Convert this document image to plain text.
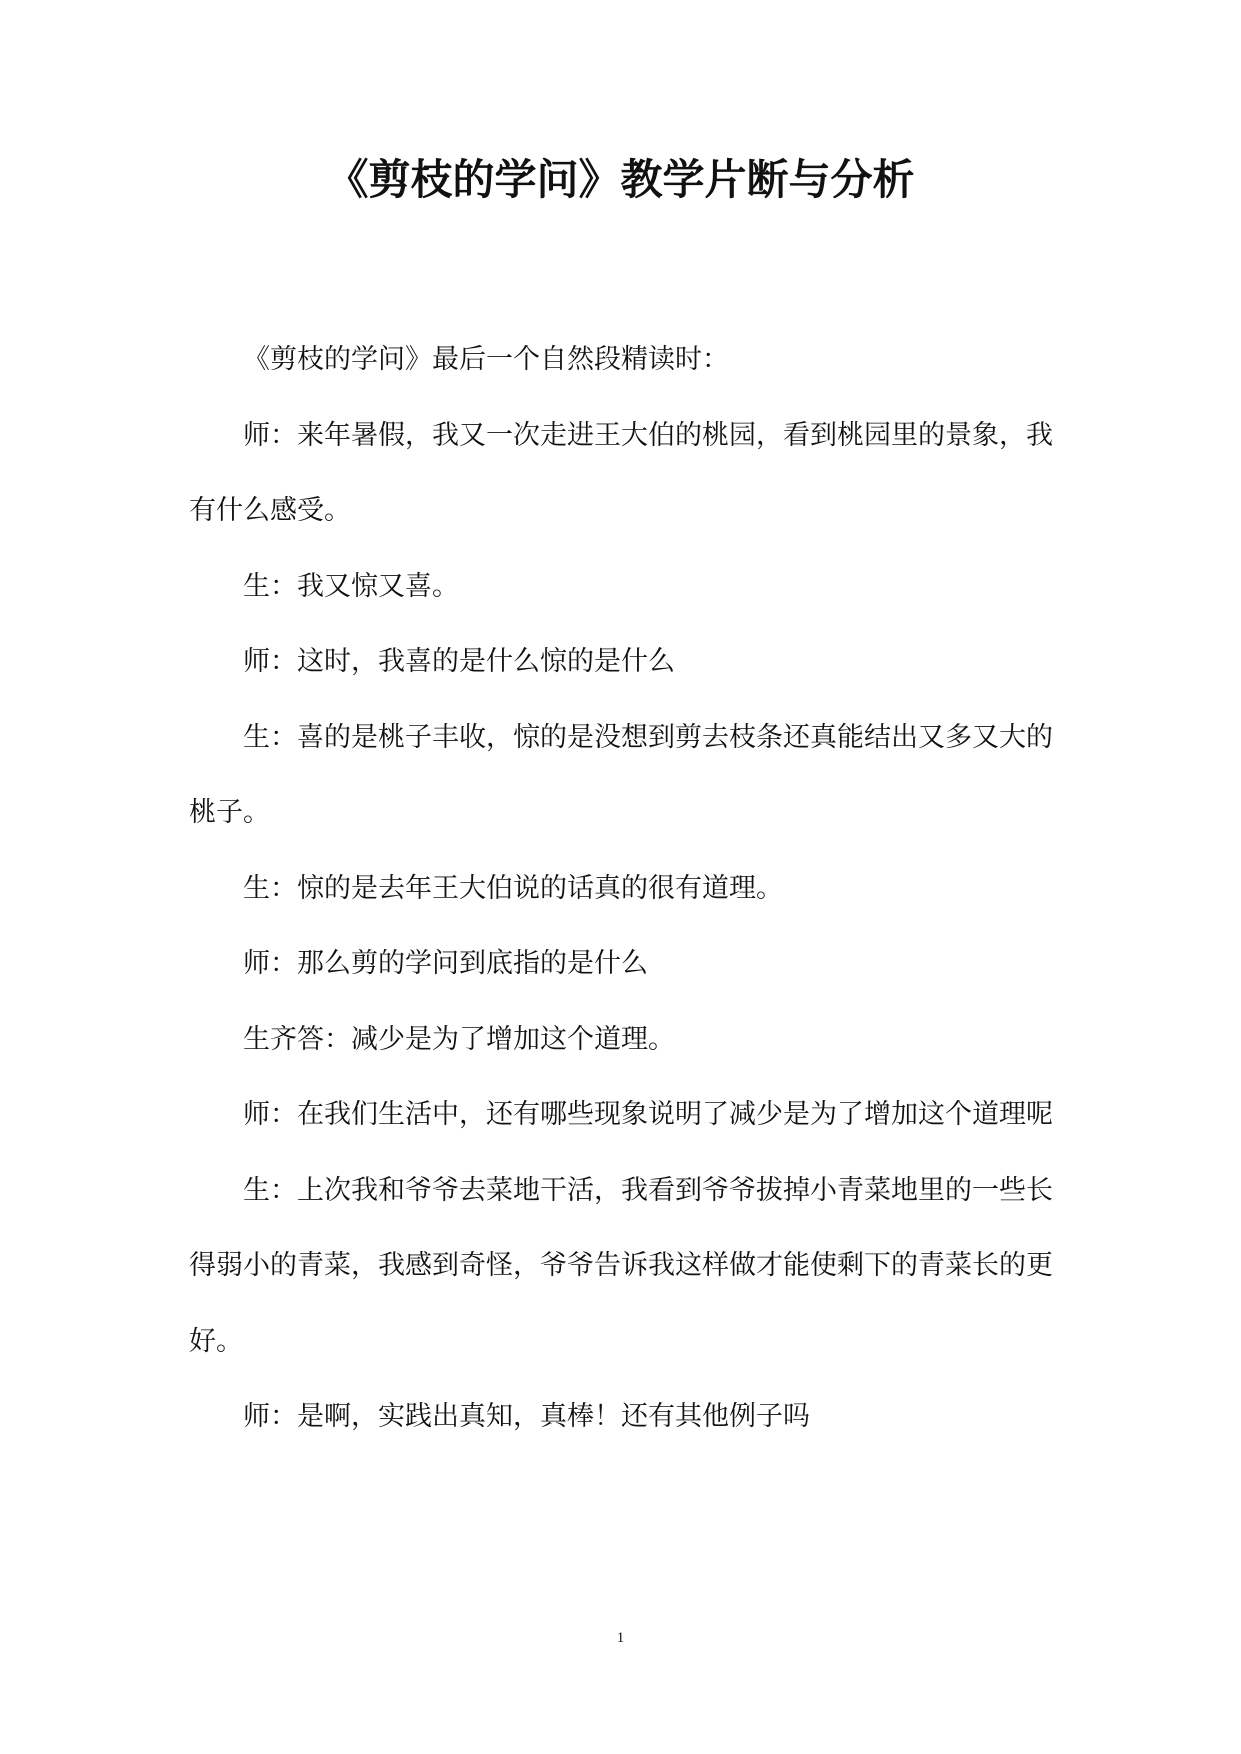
《剪枝的学问》教学片断与分析

《剪枝的学问》最后一个自然段精读时：

师：来年暑假，我又一次走进王大伯的桃园，看到桃园里的景象，我有什么感受。

生：我又惊又喜。

师：这时，我喜的是什么惊的是什么

生：喜的是桃子丰收，惊的是没想到剪去枝条还真能结出又多又大的桃子。

生：惊的是去年王大伯说的话真的很有道理。

师：那么剪的学问到底指的是什么

生齐答：减少是为了增加这个道理。

师：在我们生活中，还有哪些现象说明了减少是为了增加这个道理呢

生：上次我和爷爷去菜地干活，我看到爷爷拔掉小青菜地里的一些长得弱小的青菜，我感到奇怪，爷爷告诉我这样做才能使剩下的青菜长的更好。

师：是啊，实践出真知，真棒！还有其他例子吗

1
